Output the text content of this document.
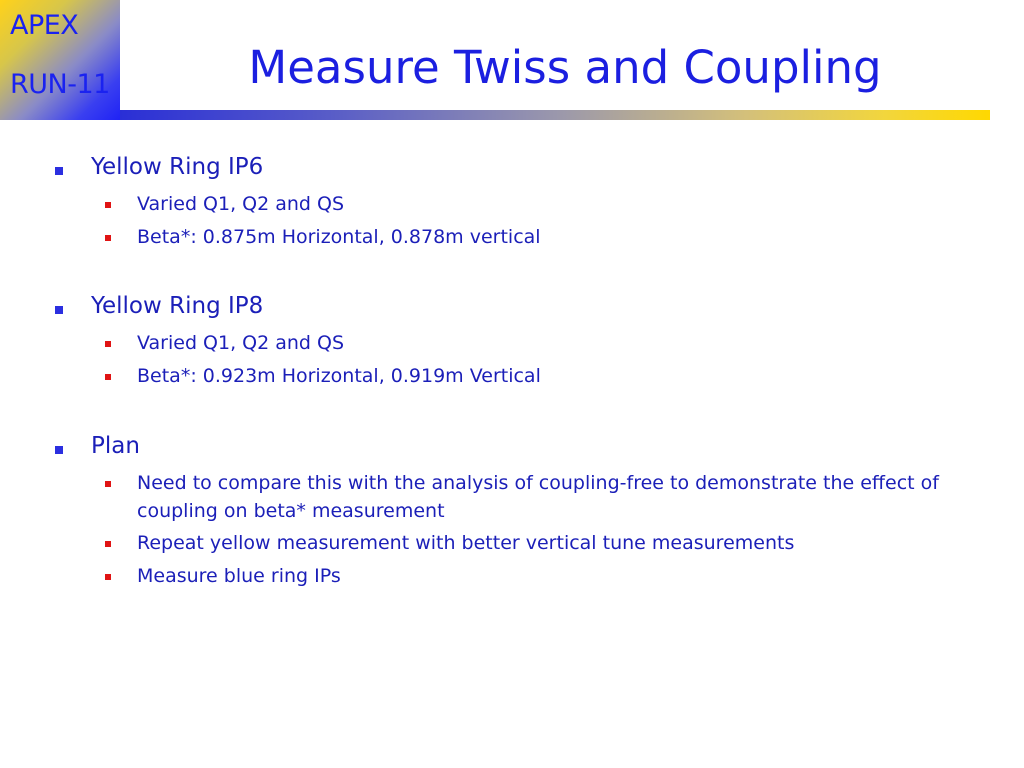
APEX
RUN-11	Measure Twiss and Coupling
Yellow Ring IP6
Varied Q1, Q2 and QS
Beta*: 0.875m Horizontal, 0.878m vertical
Yellow Ring IP8
Varied Q1, Q2 and QS
Beta*: 0.923m Horizontal, 0.919m Vertical
Plan
Need to compare this with the analysis of coupling-free to demonstrate the effect of coupling on beta* measurement
Repeat yellow measurement with better vertical tune measurements
Measure blue ring IPs
